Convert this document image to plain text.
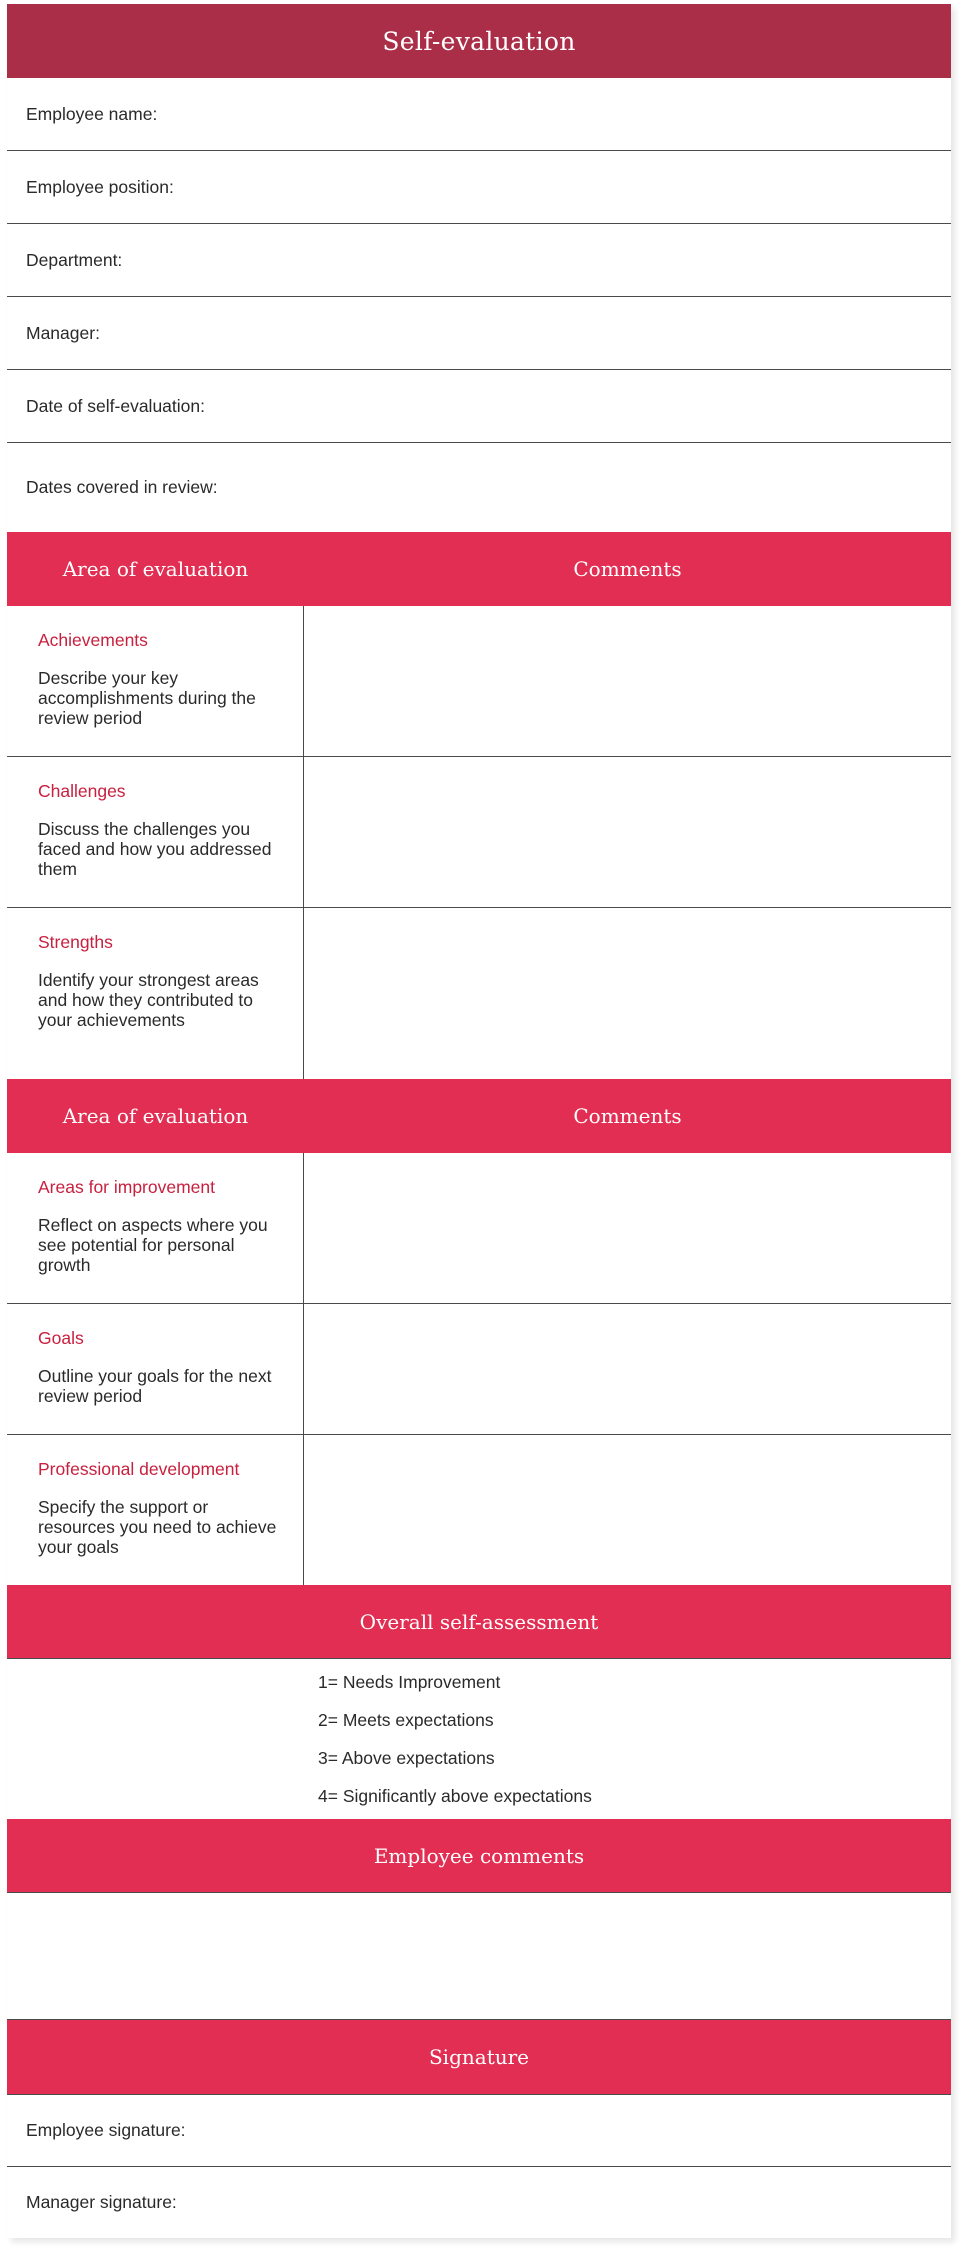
Self-evaluation
Employee name:
Employee position:
Department:
Manager:
Date of self-evaluation:
Dates covered in review:
Area of evaluation	Comments
Achievements
Describe your key accomplishments during the review period
Challenges
Discuss the challenges you faced and how you addressed them
Strengths
Identify your strongest areas and how they contributed to your achievements
Area of evaluation	Comments
Areas for improvement
Reflect on aspects where you see potential for personal growth
Goals
Outline your goals for the next review period
Professional development
Specify the support or resources you need to achieve your goals
Overall self-assessment
1= Needs Improvement
2= Meets expectations
3= Above expectations
4= Significantly above expectations
Employee comments
Signature
Employee signature:
Manager signature:
